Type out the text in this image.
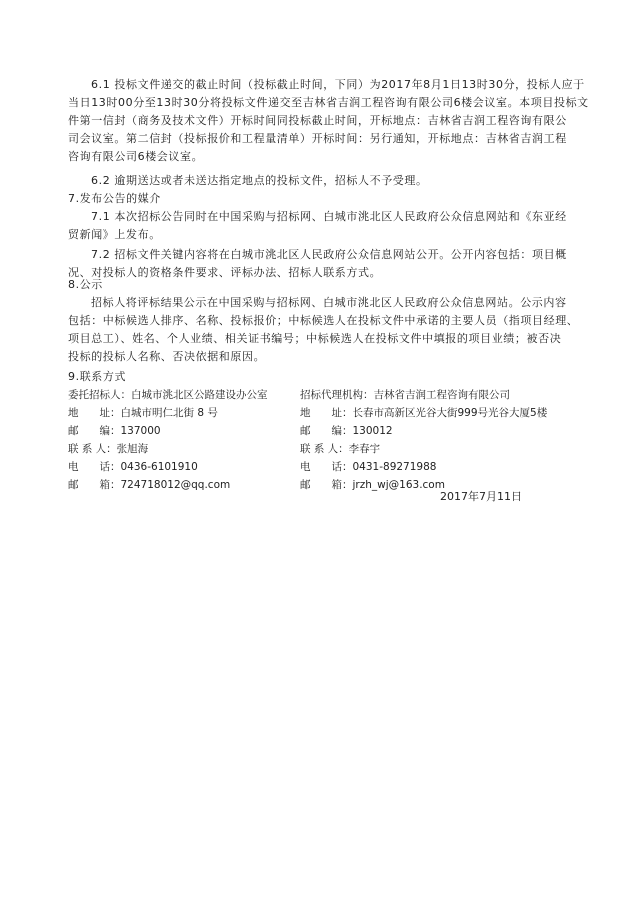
6.1 投标文件递交的截止时间（投标截止时间，下同）为2017年8月1日13时30分，投标人应于
当日13时00分至13时30分将投标文件递交至吉林省吉润工程咨询有限公司6楼会议室。本项目投标文
件第一信封（商务及技术文件）开标时间同投标截止时间，开标地点：吉林省吉润工程咨询有限公
司会议室。第二信封（投标报价和工程量清单）开标时间：另行通知，开标地点：吉林省吉润工程
咨询有限公司6楼会议室。
6.2 逾期送达或者未送达指定地点的投标文件，招标人不予受理。
7.发布公告的媒介
7.1 本次招标公告同时在中国采购与招标网、白城市洮北区人民政府公众信息网站和《东亚经
贸新闻》上发布。
7.2 招标文件关键内容将在白城市洮北区人民政府公众信息网站公开。公开内容包括：项目概
况、对投标人的资格条件要求、评标办法、招标人联系方式。
8.公示
招标人将评标结果公示在中国采购与招标网、白城市洮北区人民政府公众信息网站。公示内容
包括：中标候选人排序、名称、投标报价；中标候选人在投标文件中承诺的主要人员（指项目经理、
项目总工）、姓名、个人业绩、相关证书编号；中标候选人在投标文件中填报的项目业绩；被否决
投标的投标人名称、否决依据和原因。
9.联系方式
委托招标人：白城市洮北区公路建设办公室
地　　址：白城市明仁北街 8 号
邮　　编：137000
联 系 人：张旭海
电　　话：0436-6101910
邮　　箱：724718012@qq.com
招标代理机构：吉林省吉润工程咨询有限公司
地　　址：长春市高新区光谷大街999号光谷大厦5楼
邮　　编：130012
联 系 人：李春宇
电　　话：0431-89271988
邮　　箱：jrzh_wj@163.com
2017年7月11日
